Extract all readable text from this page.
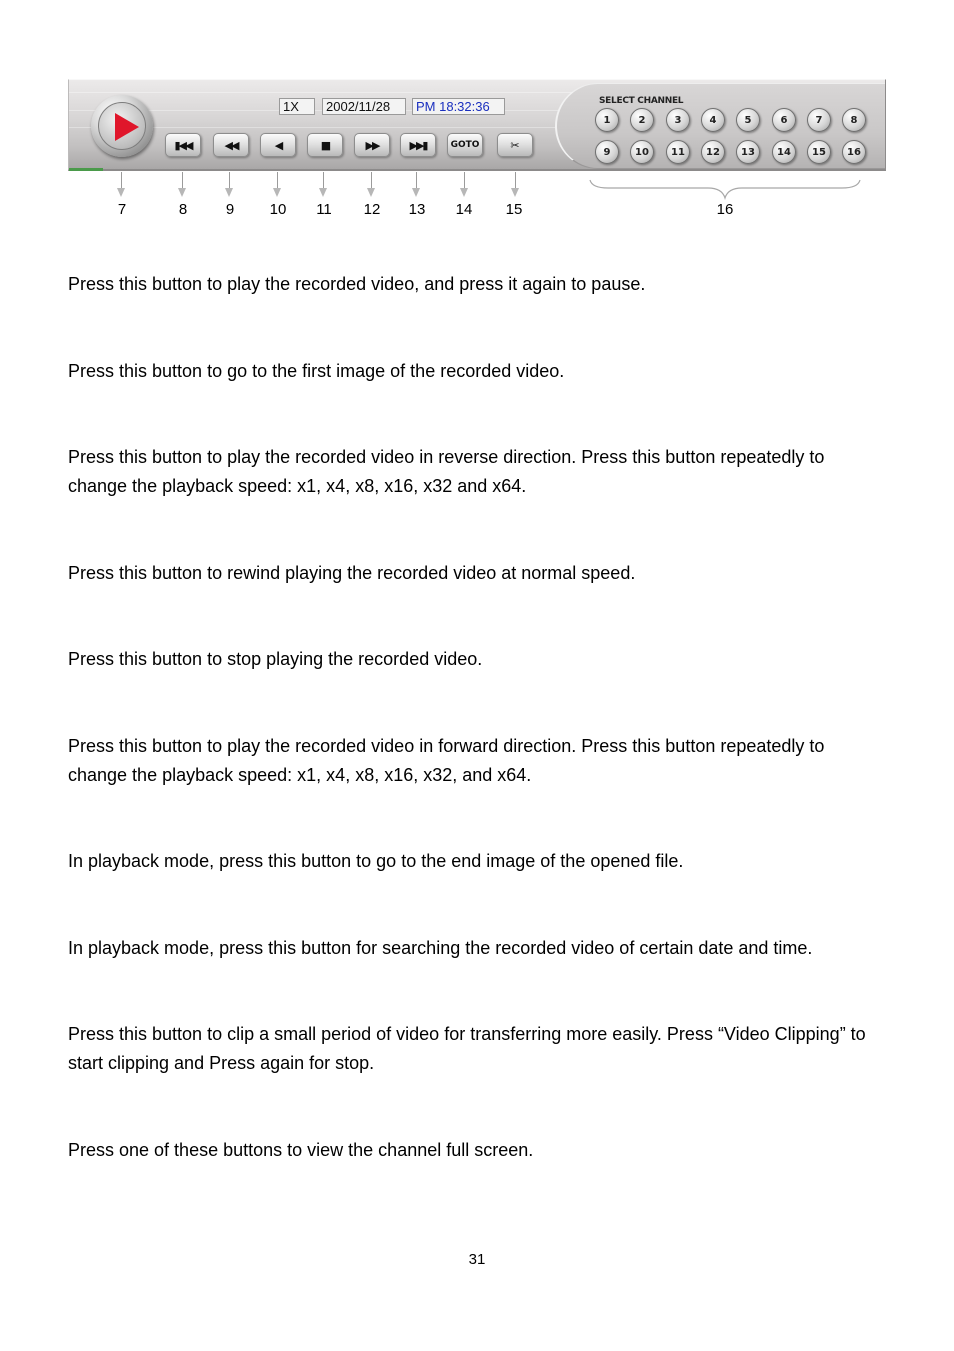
1X	2002/11/28	PM 18:32:36
▮◀◀	◀◀	◀	■	▶▶	▶▶▮	GOTO	✂
SELECT CHANNEL
1	2	3	4	5	6	7	8
9	10	11	12	13	14	15	16
7	8	9	10	11	12	13	14	15	16

Press this button to play the recorded video, and press it again to pause.

Press this button to go to the first image of the recorded video.

Press this button to play the recorded video in reverse direction. Press this button repeatedly to change the playback speed: x1, x4, x8, x16, x32 and x64.

Press this button to rewind playing the recorded video at normal speed.

Press this button to stop playing the recorded video.

Press this button to play the recorded video in forward direction. Press this button repeatedly to change the playback speed: x1, x4, x8, x16, x32, and x64.

In playback mode, press this button to go to the end image of the opened file.

In playback mode, press this button for searching the recorded video of certain date and time.

Press this button to clip a small period of video for transferring more easily. Press “Video Clipping” to start clipping and Press again for stop.

Press one of these buttons to view the channel full screen.

31
